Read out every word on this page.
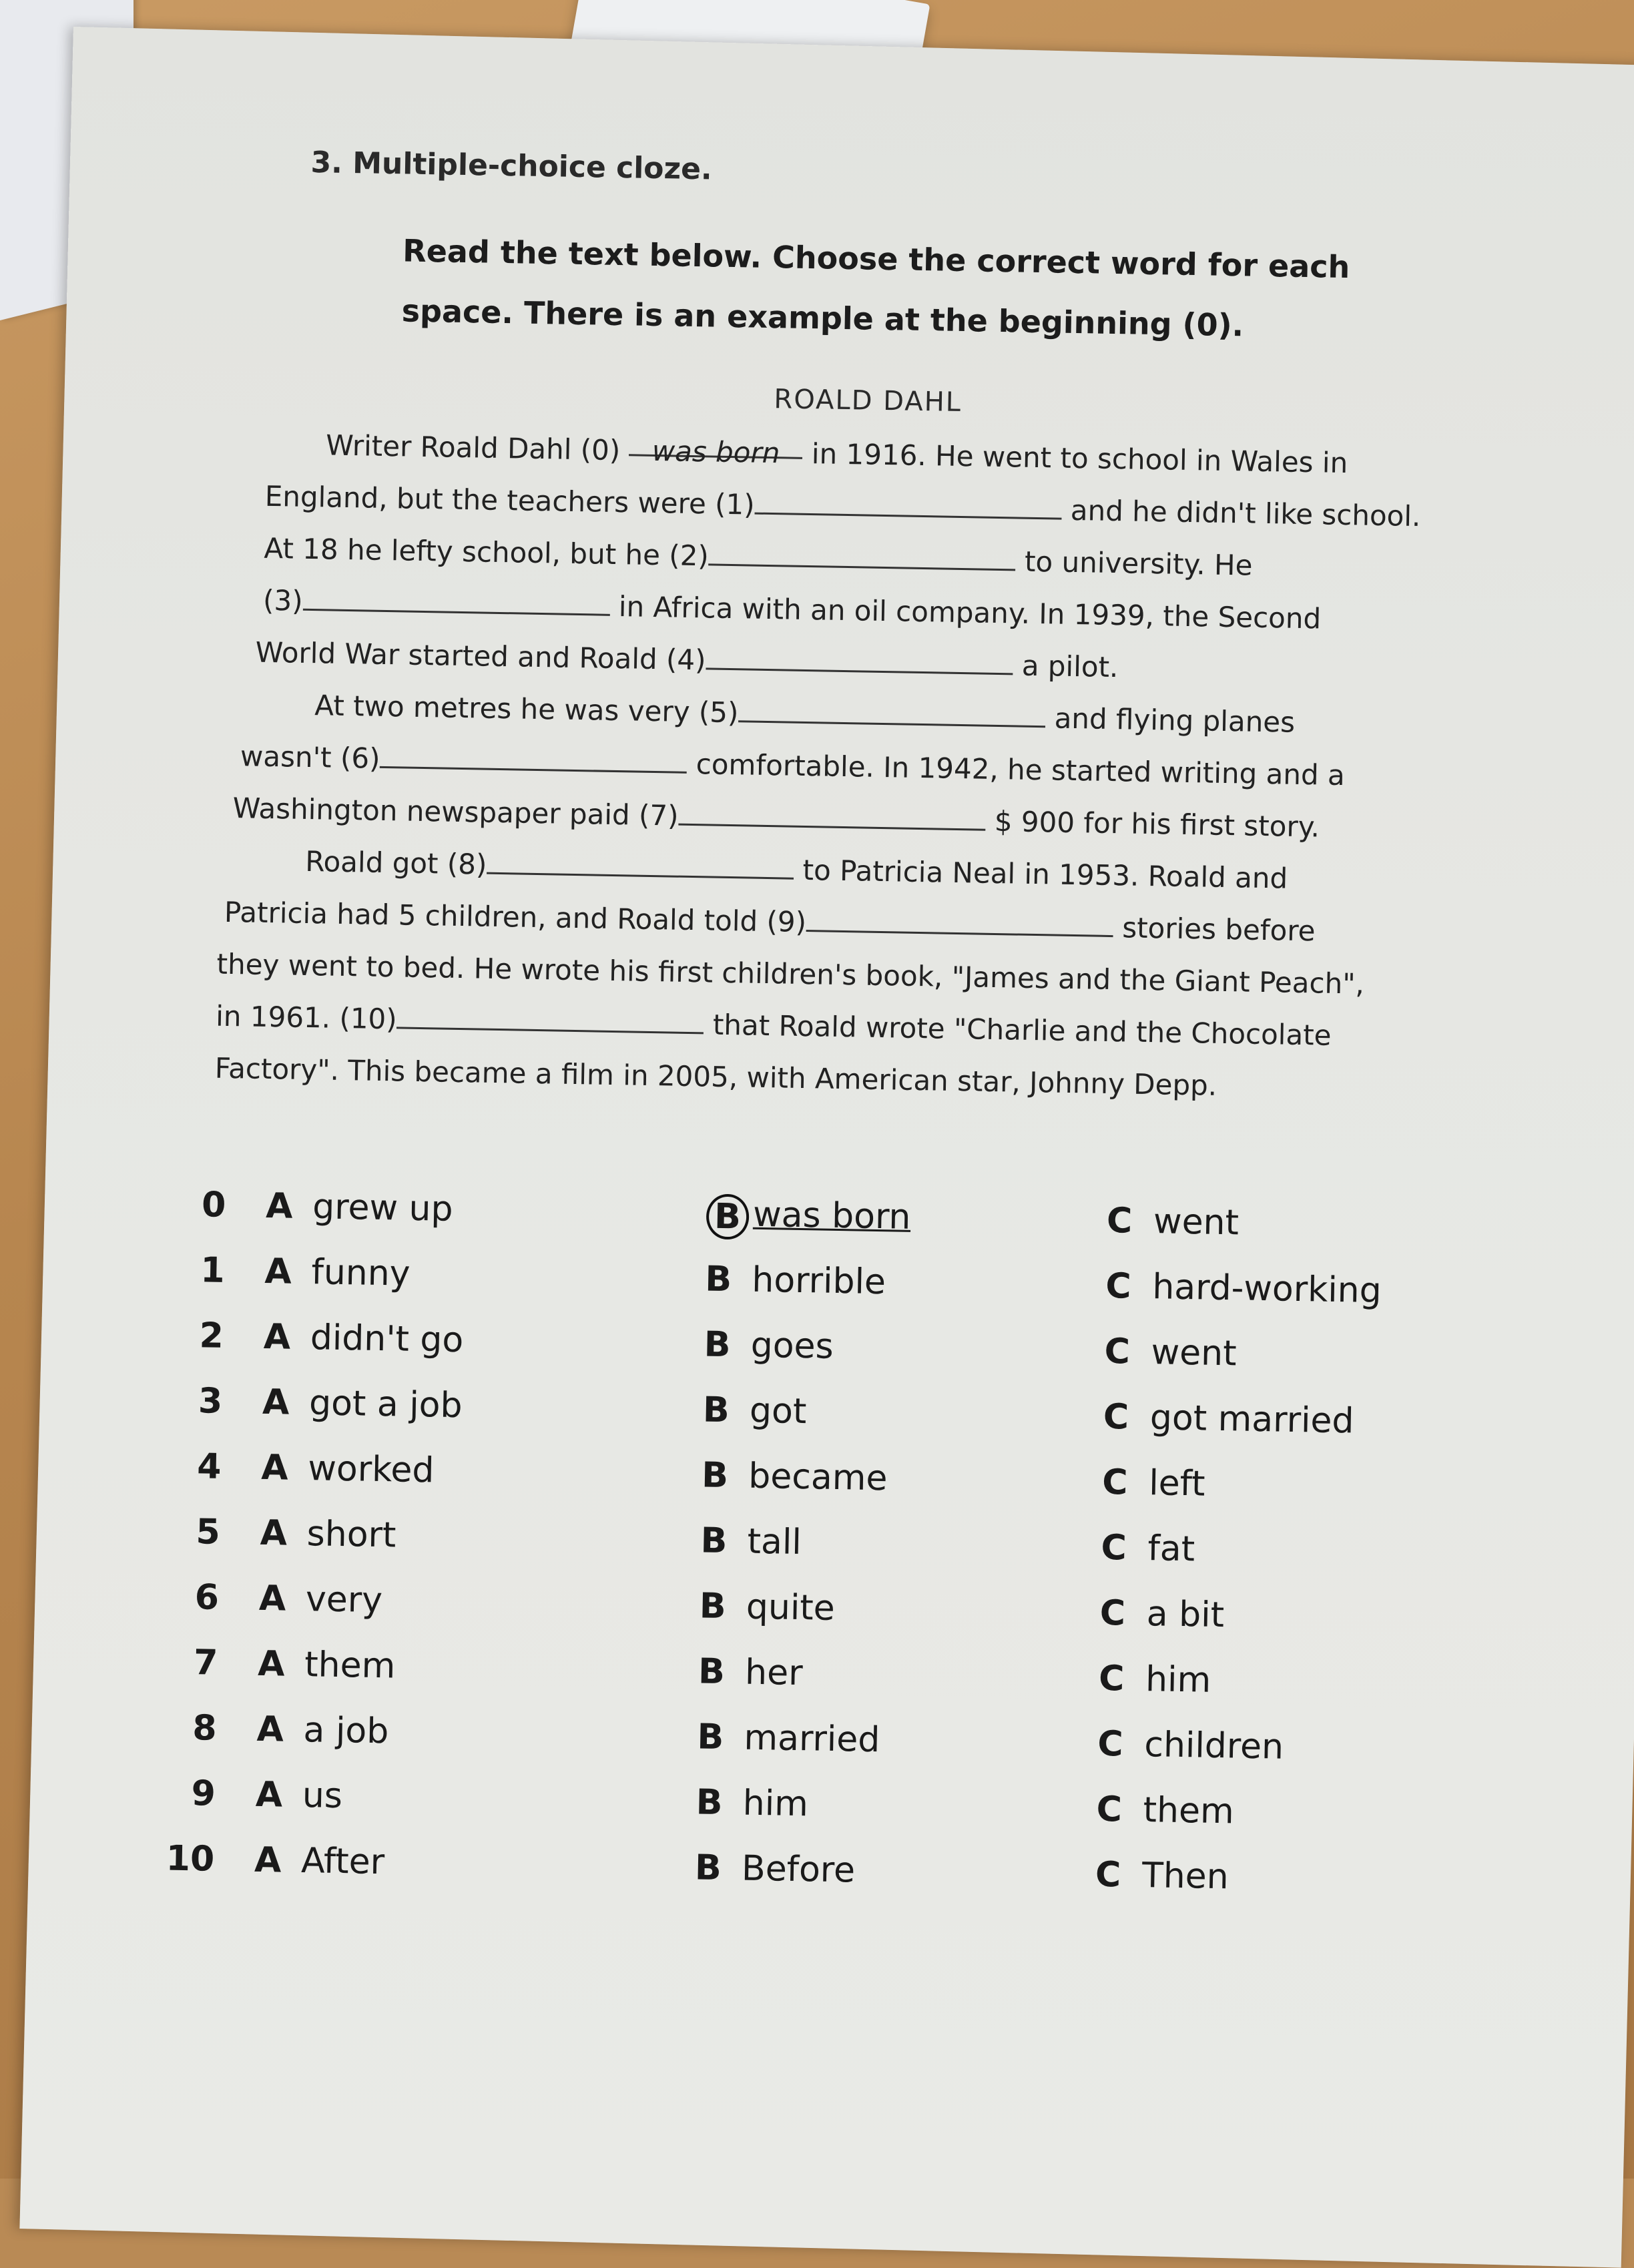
3. Multiple-choice cloze.

Read the text below. Choose the correct word for each
space. There is an example at the beginning (0).

ROALD DAHL

Writer Roald Dahl (0) was born in 1916. He went to school in Wales in

England, but the teachers were (1)	and he didn't like school.

At 18 he lefty school, but he (2)	to university. He

(3)	in Africa with an oil company. In 1939, the Second

World War started and Roald (4)	a pilot.

At two metres he was very (5)	and flying planes

wasn't (6)	comfortable. In 1942, he started writing and a

Washington newspaper paid (7)	$ 900 for his first story.

Roald got (8)	to Patricia Neal in 1953. Roald and

Patricia had 5 children, and Roald told (9)	stories before

they went to bed. He wrote his first children's book, "James and the Giant Peach",

in 1961. (10)	that Roald wrote "Charlie and the Chocolate

Factory". This became a film in 2005, with American star, Johnny Depp.

0 A grew up	B was born	C went
1 A funny	B horrible	C hard-working
2 A didn't go	B goes	C went
3 A got a job	B got	C got married
4 A worked	B became	C left
5 A short	B tall	C fat
6 A very	B quite	C a bit
7 A them	B her	C him
8 A a job	B married	C children
9 A us	B him	C them
10 A After	B Before	C Then
